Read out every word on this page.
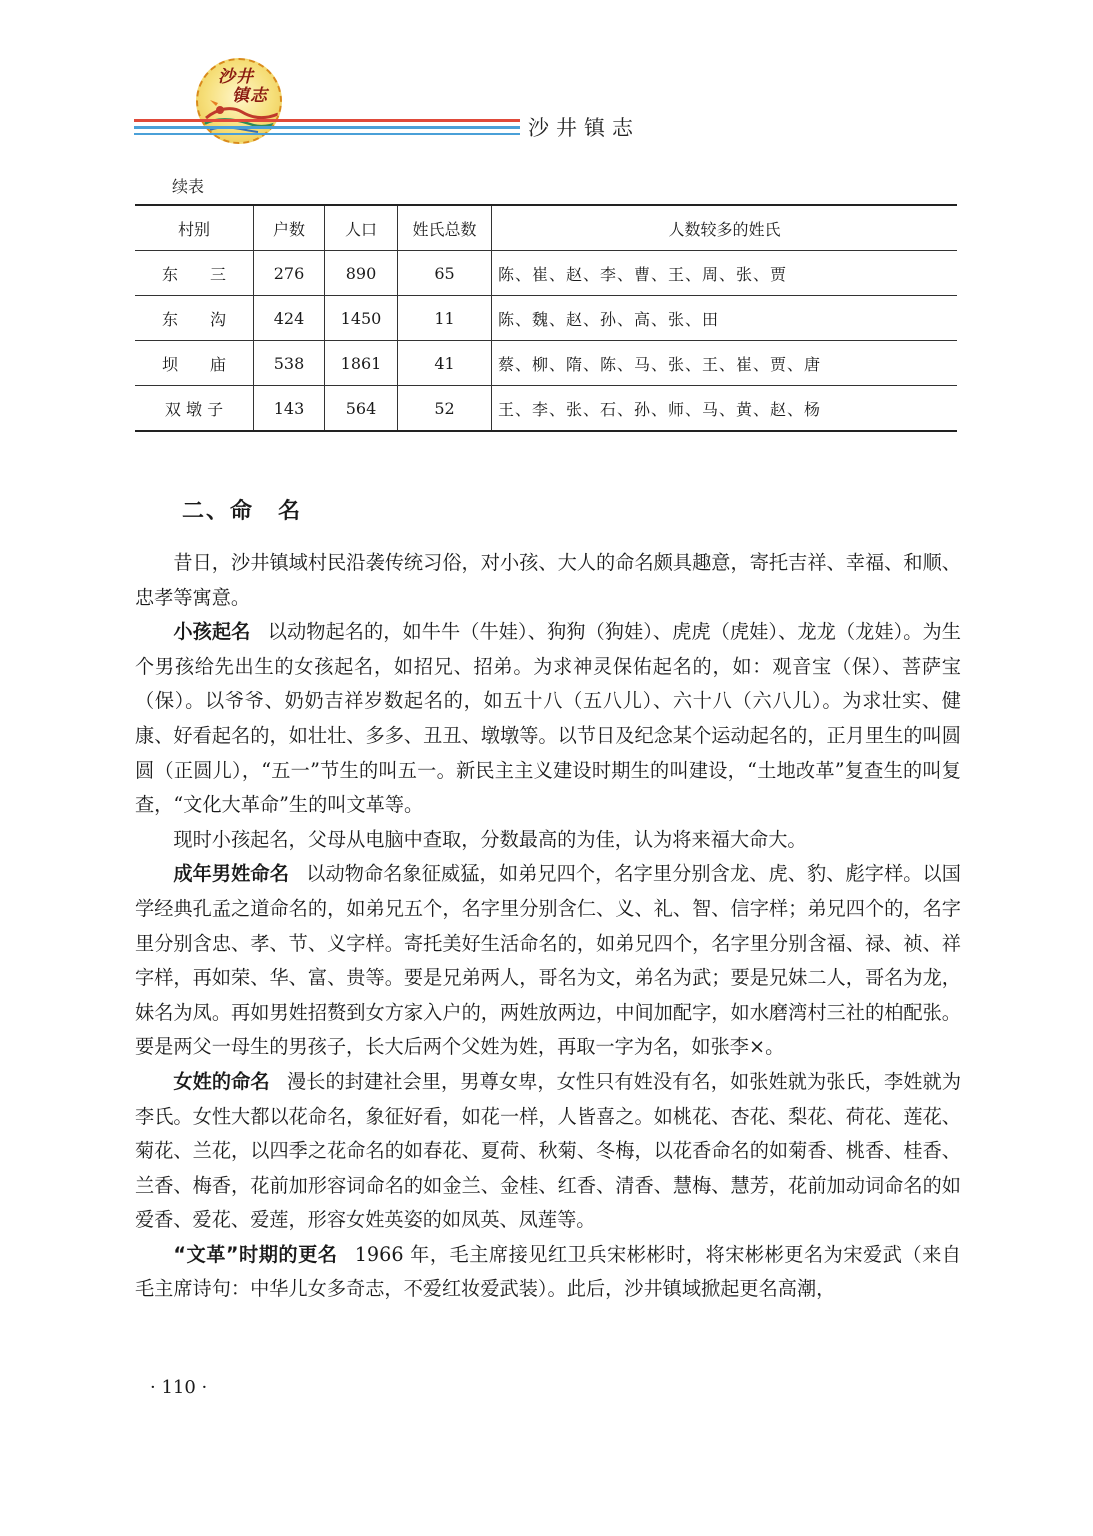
沙井
镇志
沙井镇志
续表
村别	户数	人口	姓氏总数	人数较多的姓氏
东　　三	276	890	65	陈、崔、赵、李、曹、王、周、张、贾
东　　沟	424	1450	11	陈、魏、赵、孙、高、张、田
坝　　庙	538	1861	41	蔡、柳、隋、陈、马、张、王、崔、贾、唐
双 墩 子	143	564	52	王、李、张、石、孙、师、马、黄、赵、杨
二、命　名

昔日，沙井镇域村民沿袭传统习俗，对小孩、大人的命名颇具趣意，寄托吉祥、幸福、和顺、忠孝等寓意。

小孩起名 以动物起名的，如牛牛（牛娃）、狗狗（狗娃）、虎虎（虎娃）、龙龙（龙娃）。为生个男孩给先出生的女孩起名，如招兄、招弟。为求神灵保佑起名的，如：观音宝（保）、菩萨宝（保）。以爷爷、奶奶吉祥岁数起名的，如五十八（五八儿）、六十八（六八儿）。为求壮实、健康、好看起名的，如壮壮、多多、丑丑、墩墩等。以节日及纪念某个运动起名的，正月里生的叫圆圆（正圆儿），“五一”节生的叫五一。新民主主义建设时期生的叫建设，“土地改革”复查生的叫复查，“文化大革命”生的叫文革等。

现时小孩起名，父母从电脑中查取，分数最高的为佳，认为将来福大命大。

成年男姓命名 以动物命名象征威猛，如弟兄四个，名字里分别含龙、虎、豹、彪字样。以国学经典孔孟之道命名的，如弟兄五个，名字里分别含仁、义、礼、智、信字样；弟兄四个的，名字里分别含忠、孝、节、义字样。寄托美好生活命名的，如弟兄四个，名字里分别含福、禄、祯、祥字样，再如荣、华、富、贵等。要是兄弟两人，哥名为文，弟名为武；要是兄妹二人，哥名为龙，妹名为凤。再如男姓招赘到女方家入户的，两姓放两边，中间加配字，如水磨湾村三社的柏配张。要是两父一母生的男孩子，长大后两个父姓为姓，再取一字为名，如张李×。

女姓的命名 漫长的封建社会里，男尊女卑，女性只有姓没有名，如张姓就为张氏，李姓就为李氏。女性大都以花命名，象征好看，如花一样，人皆喜之。如桃花、杏花、梨花、荷花、莲花、菊花、兰花，以四季之花命名的如春花、夏荷、秋菊、冬梅，以花香命名的如菊香、桃香、桂香、兰香、梅香，花前加形容词命名的如金兰、金桂、红香、清香、慧梅、慧芳，花前加动词命名的如爱香、爱花、爱莲，形容女姓英姿的如凤英、凤莲等。

“文革”时期的更名 1966 年，毛主席接见红卫兵宋彬彬时，将宋彬彬更名为宋爱武（来自毛主席诗句：中华儿女多奇志，不爱红妆爱武装）。此后，沙井镇域掀起更名高潮，

· 110 ·
